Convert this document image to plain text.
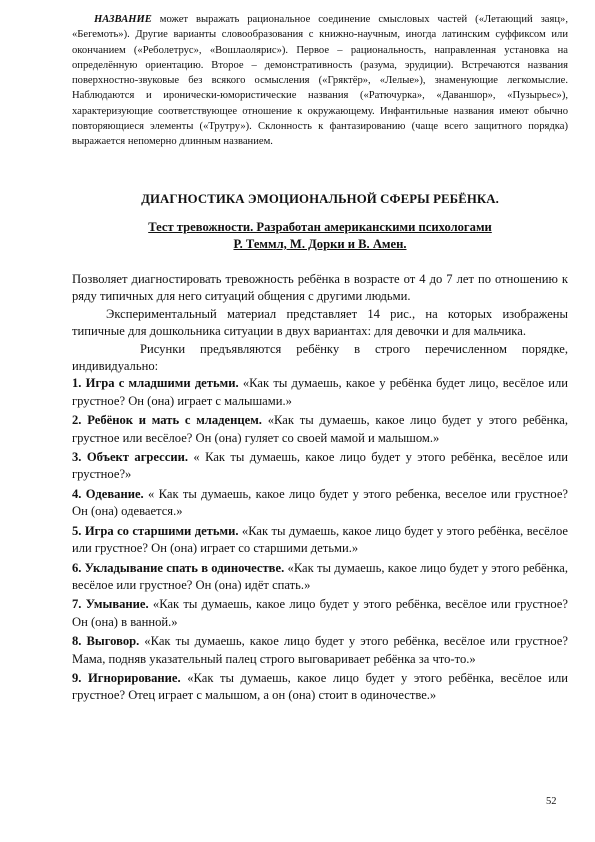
НАЗВАНИЕ может выражать рациональное соединение смысловых частей («Летающий заяц», «Бегемоть»). Другие варианты словообразования с книжно-научным, иногда латинским суффиксом или окончанием («Реболетрус», «Вошлаолярис»). Первое – рациональность, направленная установка на определённую ориентацию. Второе – демонстративность (разума, эрудиции). Встречаются названия поверхностно-звуковые без всякого осмысления («Гряктёр», «Лелые»), знаменующие легкомыслие. Наблюдаются и иронически-юмористические названия («Ратючурка», «Даваншор», «Пузырьес»), характеризующие соответствующее отношение к окружающему. Инфантильные названия имеют обычно повторяющиеся элементы («Трутру»). Склонность к фантазированию (чаще всего защитного порядка) выражается непомерно длинным названием.

ДИАГНОСТИКА ЭМОЦИОНАЛЬНОЙ СФЕРЫ РЕБЁНКА.
Тест тревожности. Разработан американскими психологами
Р. Теммл, М. Дорки и В. Амен.

Позволяет диагностировать тревожность ребёнка в возрасте от 4 до 7 лет по отношению к ряду типичных для него ситуаций общения с другими людьми.

Экспериментальный материал представляет 14 рис., на которых изображены типичные для дошкольника ситуации в двух вариантах: для девочки и для мальчика.

Рисунки предъявляются ребёнку в строго перечисленном порядке, индивидуально:

1. Игра с младшими детьми. «Как ты думаешь, какое у ребёнка будет лицо, весёлое или грустное? Он (она) играет с малышами.»
2. Ребёнок и мать с младенцем. «Как ты думаешь, какое лицо будет у этого ребёнка, грустное или весёлое? Он (она) гуляет со своей мамой и малышом.»
3. Объект агрессии. « Как ты думаешь, какое лицо будет у этого ребёнка, весёлое или грустное?»
4. Одевание. « Как ты думаешь, какое лицо будет у этого ребенка, веселое или грустное? Он (она) одевается.»
5. Игра со старшими детьми. «Как ты думаешь, какое лицо будет у этого ребёнка, весёлое или грустное? Он (она) играет со старшими детьми.»
6. Укладывание спать в одиночестве. «Как ты думаешь, какое лицо будет у этого ребёнка, весёлое или грустное? Он (она) идёт спать.»
7. Умывание. «Как ты думаешь, какое лицо будет у этого ребёнка, весёлое или грустное? Он (она) в ванной.»
8. Выговор. «Как ты думаешь, какое лицо будет у этого ребёнка, весёлое или грустное? Мама, подняв указательный палец строго выговаривает ребёнка за что-то.»
9. Игнорирование. «Как ты думаешь, какое лицо будет у этого ребёнка, весёлое или грустное? Отец играет с малышом, а он (она) стоит в одиночестве.»

52
